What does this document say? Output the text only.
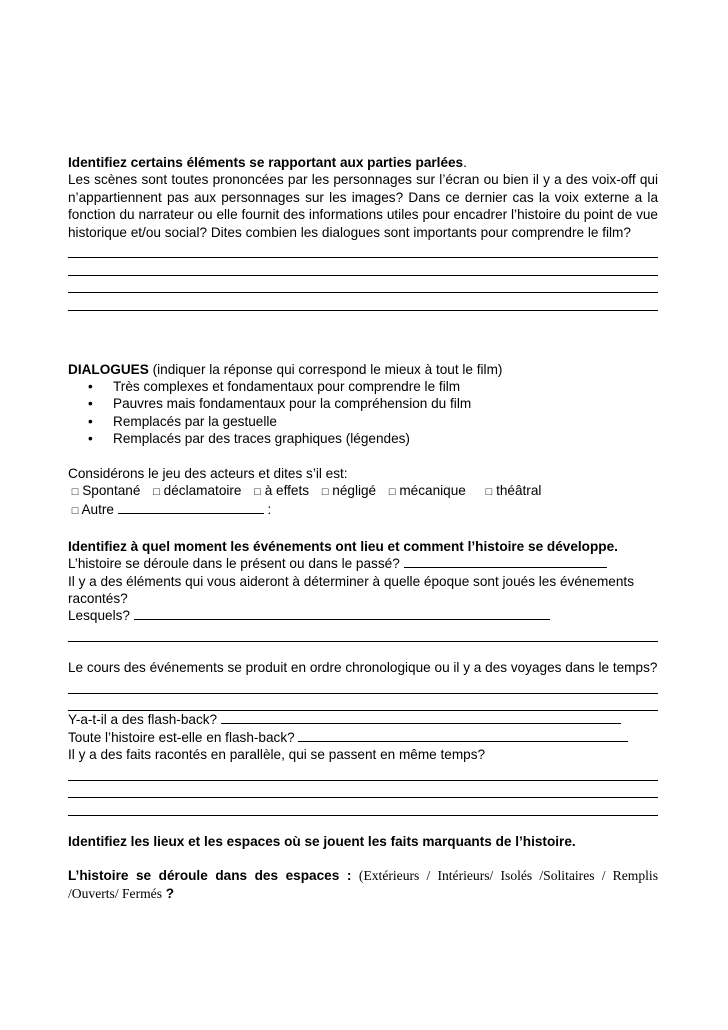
Identifiez certains éléments se rapportant aux parties parlées.
Les scènes sont toutes prononcées par les personnages sur l’écran ou bien il y a des voix-off qui n’appartiennent pas aux personnages sur les images? Dans ce dernier cas la voix externe a la fonction du narrateur ou elle fournit des informations utiles pour encadrer l’histoire du point de vue historique et/ou social? Dites combien les dialogues sont importants pour comprendre le film?

DIALOGUES (indiquer la réponse qui correspond le mieux à tout le film)

• Très complexes et fondamentaux pour comprendre le film
• Pauvres mais fondamentaux pour la compréhension du film
• Remplacés par la gestuelle
• Remplacés par des traces graphiques (légendes)

Considérons le jeu des acteurs et dites s’il est:

□ Spontané □ déclamatoire □ à effets □ négligé □ mécanique □ théâtral

□ Autre	:

Identifiez à quel moment les événements ont lieu et comment l’histoire se développe.

L’histoire se déroule dans le présent ou dans le passé?

Il y a des éléments qui vous aideront à déterminer à quelle époque sont joués les événements racontés?

Lesquels?

Le cours des événements se produit en ordre chronologique ou il y a des voyages dans le temps?

Y-a-t-il a des flash-back?

Toute l’histoire est-elle en flash-back?

Il y a des faits racontés en parallèle, qui se passent en même temps?

Identifiez les lieux et les espaces où se jouent les faits marquants de l’histoire.

L’histoire se déroule dans des espaces : (Extérieurs / Intérieurs/ Isolés /Solitaires / Remplis /Ouverts/ Fermés ?
